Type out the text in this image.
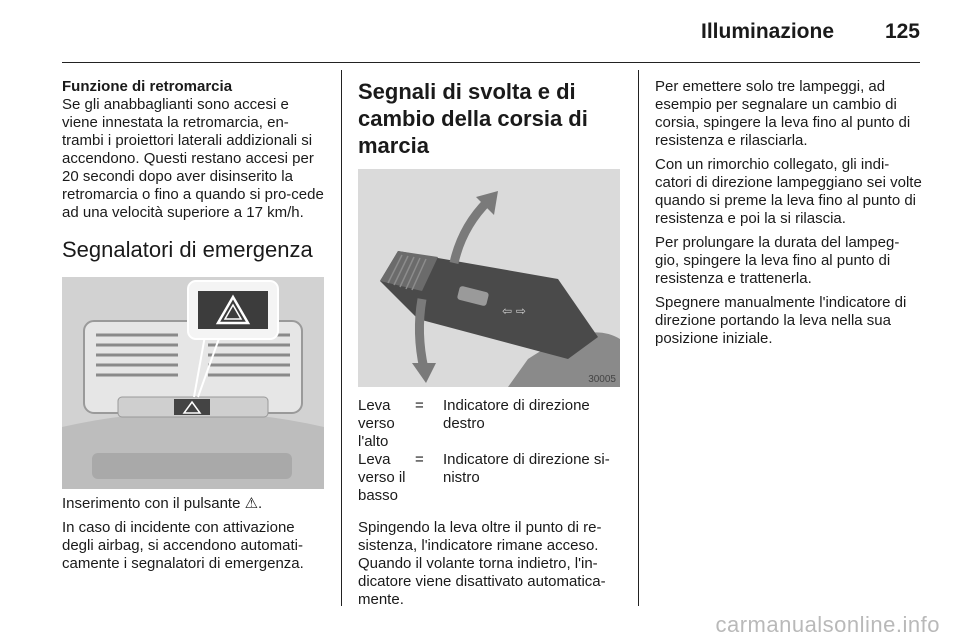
Illuminazione 125
Funzione di retromarcia

Se gli anabbaglianti sono accesi e viene innestata la retromarcia, en-trambi i proiettori laterali addizionali si accendono. Questi restano accesi per 20 secondi dopo aver disinserito la retromarcia o fino a quando si pro-cede ad una velocità superiore a 17 km/h.

Segnalatori di emergenza

Inserimento con il pulsante ⚠.

In caso di incidente con attivazione degli airbag, si accendono automati-camente i segnalatori di emergenza.

Segnali di svolta e di cambio della corsia di marcia
⇦ ⇨
30005
Leva verso l'alto
=	Indicatore di direzione destro
Leva verso il basso
=	Indicatore di direzione si-nistro

Spingendo la leva oltre il punto di re-sistenza, l'indicatore rimane acceso. Quando il volante torna indietro, l'in-dicatore viene disattivato automatica-mente.

Per emettere solo tre lampeggi, ad esempio per segnalare un cambio di corsia, spingere la leva fino al punto di resistenza e rilasciarla.

Con un rimorchio collegato, gli indi-catori di direzione lampeggiano sei volte quando si preme la leva fino al punto di resistenza e poi la si rilascia.

Per prolungare la durata del lampeg-gio, spingere la leva fino al punto di resistenza e trattenerla.

Spegnere manualmente l'indicatore di direzione portando la leva nella sua posizione iniziale.

carmanualsonline.info
